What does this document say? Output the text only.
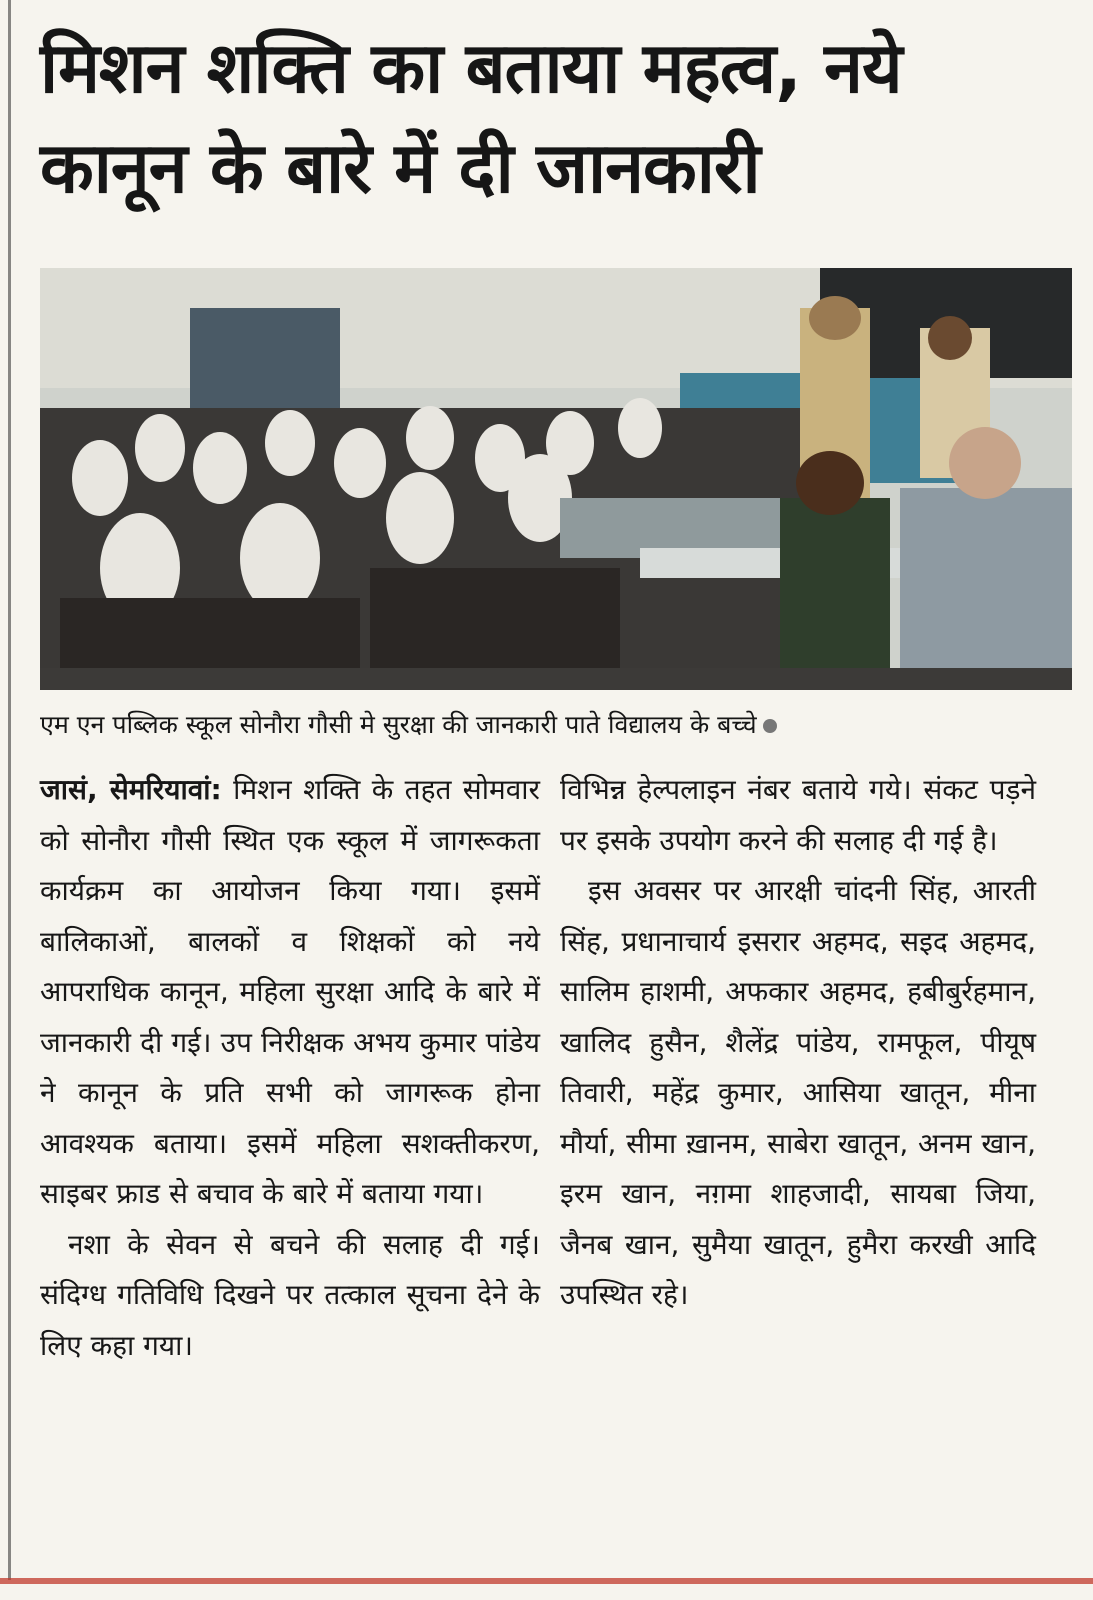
मिशन शक्ति का बताया महत्व, नये कानून के बारे में दी जानकारी
एम एन पब्लिक स्कूल सोनौरा गौसी मे सुरक्षा की जानकारी पाते विद्यालय के बच्चे

जासं, सेमरियावां: मिशन शक्ति के तहत सोमवार को सोनौरा गौसी स्थित एक स्कूल में जागरूकता कार्यक्रम का आयोजन किया गया। इसमें बालिकाओं, बालकों व शिक्षकों को नये आपराधिक कानून, महिला सुरक्षा आदि के बारे में जानकारी दी गई। उप निरीक्षक अभय कुमार पांडेय ने कानून के प्रति सभी को जागरूक होना आवश्यक बताया। इसमें महिला सशक्तीकरण, साइबर फ्राड से बचाव के बारे में बताया गया।

नशा के सेवन से बचने की सलाह दी गई। संदिग्ध गतिविधि दिखने पर तत्काल सूचना देने के लिए कहा गया।

विभिन्न हेल्पलाइन नंबर बताये गये। संकट पड़ने पर इसके उपयोग करने की सलाह दी गई है।

इस अवसर पर आरक्षी चांदनी सिंह, आरती सिंह, प्रधानाचार्य इसरार अहमद, सइद अहमद, सालिम हाशमी, अफकार अहमद, हबीबुर्रहमान, खालिद हुसैन, शैलेंद्र पांडेय, रामफूल, पीयूष तिवारी, महेंद्र कुमार, आसिया खातून, मीना मौर्या, सीमा ख़ानम, साबेरा खातून, अनम खान, इरम खान, नग़मा शाहजादी, सायबा जिया, जैनब खान, सुमैया खातून, हुमैरा करखी आदि उपस्थित रहे।
